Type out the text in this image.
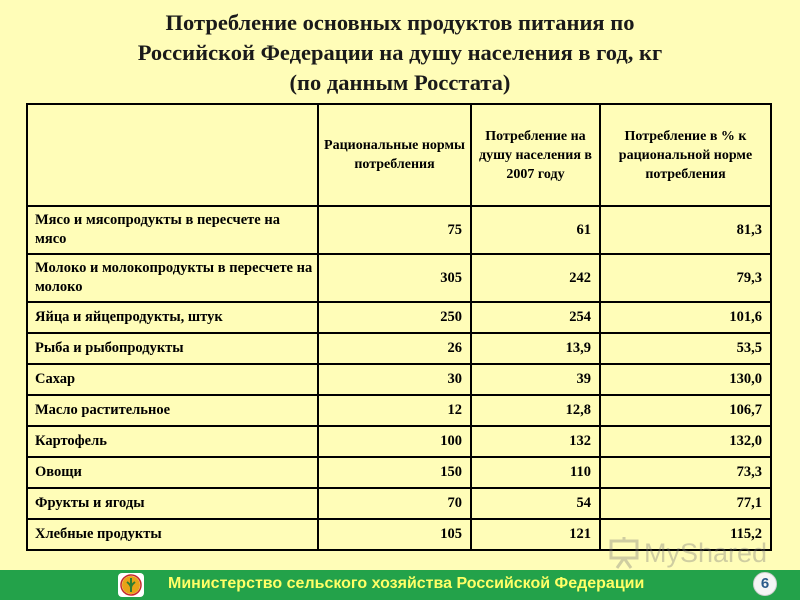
Потребление основных продуктов питания по
Российской Федерации на душу населения в год, кг
(по данным Росстата)
	Рациональные нормы потребления	Потребление на душу населения в 2007 году	Потребление в % к рациональной норме потребления
Мясо и мясопродукты в пересчете на мясо	75	61	81,3
Молоко и молокопродукты в пересчете на молоко	305	242	79,3
Яйца и яйцепродукты, штук	250	254	101,6
Рыба и рыбопродукты	26	13,9	53,5
Сахар	30	39	130,0
Масло растительное	12	12,8	106,7
Картофель	100	132	132,0
Овощи	150	110	73,3
Фрукты и ягоды	70	54	77,1
Хлебные продукты	105	121	115,2
MyShared
Министерство сельского хозяйства Российской Федерации	6
